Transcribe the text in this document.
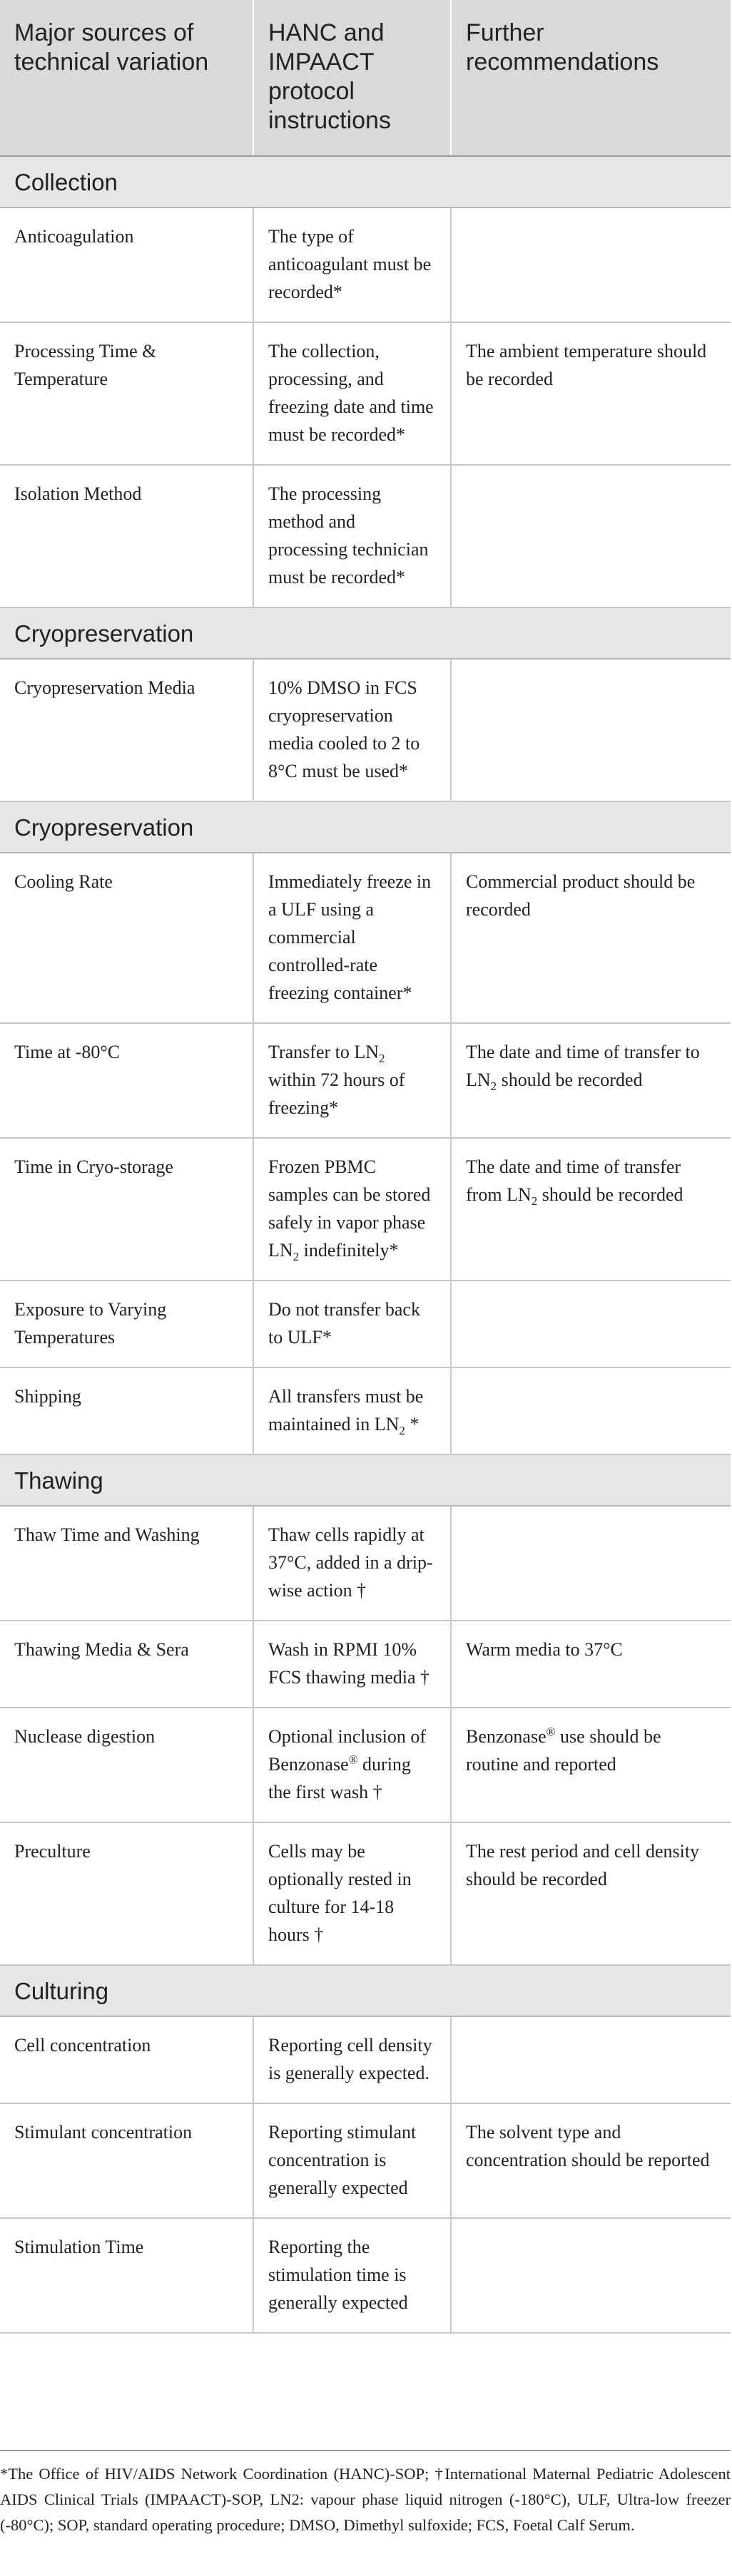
Major sources of technical variation	HANC and IMPAACT protocol instructions	Further recommendations
Collection		
Anticoagulation	The type of anticoagulant must be recorded*	
Processing Time & Temperature	The collection, processing, and freezing date and time must be recorded*	The ambient temperature should be recorded
Isolation Method	The processing method and processing technician must be recorded*	
Cryopreservation		
Cryopreservation Media	10% DMSO in FCS cryopreservation media cooled to 2 to 8°C must be used*	
Cryopreservation		
Cooling Rate	Immediately freeze in a ULF using a commercial controlled-rate freezing container*	Commercial product should be recorded
Time at -80°C	Transfer to $LN_2$ within 72 hours of freezing*	The date and time of transfer to $LN_2$ should be recorded
Time in Cryo-storage	Frozen PBMC samples can be stored safely in vapor phase $LN_2$ indefinitely*	The date and time of transfer from $LN_2$ should be recorded
Exposure to Varying Temperatures	Do not transfer back to ULF*	
Shipping	All transfers must be maintained in $LN_2$ *	
Thawing		
Thaw Time and Washing	Thaw cells rapidly at 37°C, added in a drip-wise action †	
Thawing Media & Sera	Wash in RPMI 10% FCS thawing media †	Warm media to 37°C
Nuclease digestion	Optional inclusion of Benzonase® during the first wash †	Benzonase® use should be routine and reported
Preculture	Cells may be optionally rested in culture for 14-18 hours †	The rest period and cell density should be recorded
Culturing		
Cell concentration	Reporting cell density is generally expected.	
Stimulant concentration	Reporting stimulant concentration is generally expected	The solvent type and concentration should be reported
Stimulation Time	Reporting the stimulation time is generally expected	
*The Office of HIV/AIDS Network Coordination (HANC)-SOP; †International Maternal Pediatric Adolescent AIDS Clinical Trials (IMPAACT)-SOP, LN2: vapour phase liquid nitrogen (-180°C), ULF, Ultra-low freezer (-80°C); SOP, standard operating procedure; DMSO, Dimethyl sulfoxide; FCS, Foetal Calf Serum.
